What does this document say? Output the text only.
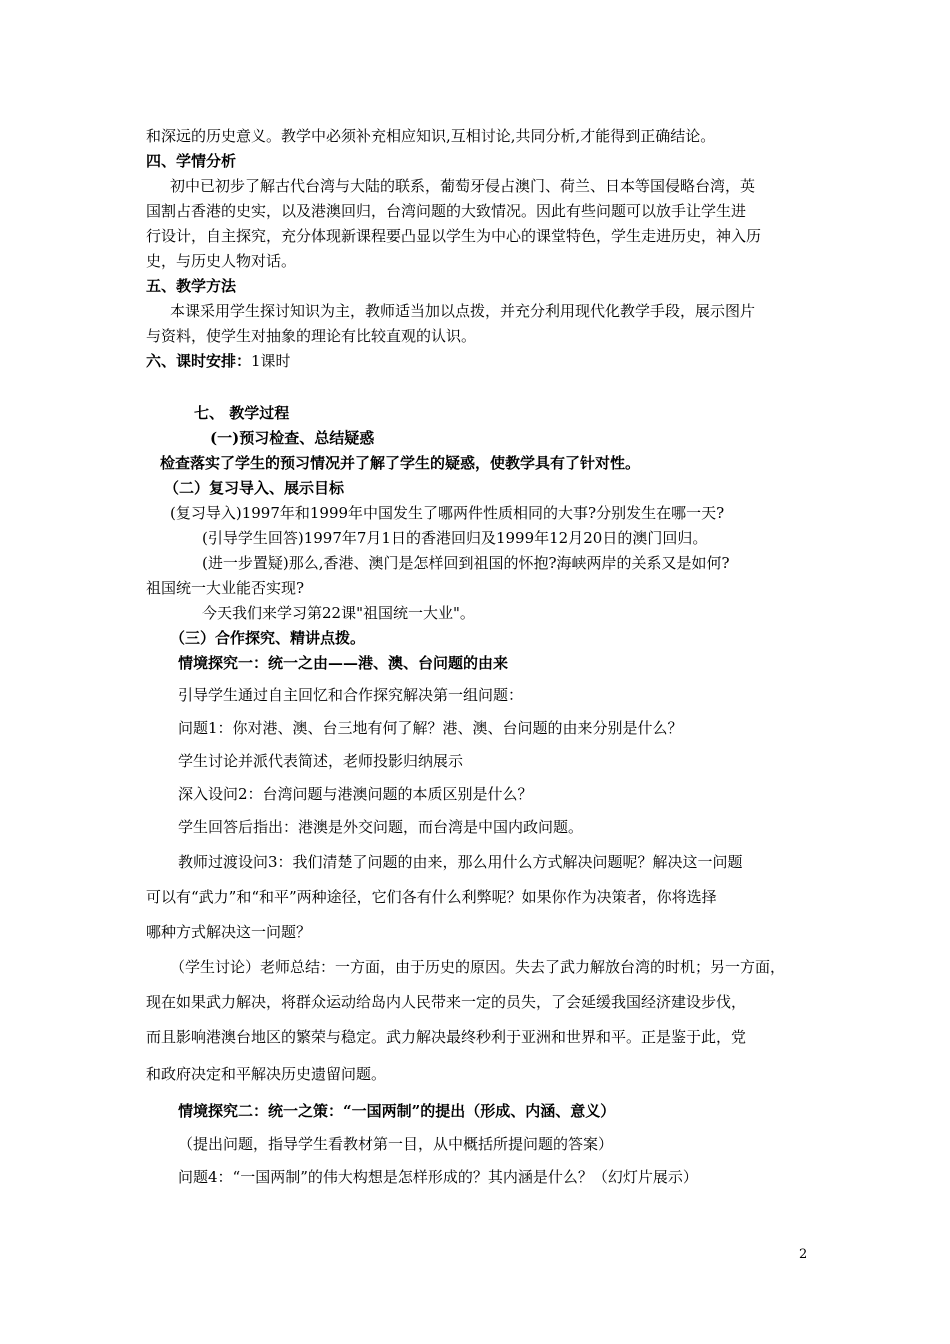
和深远的历史意义。教学中必须补充相应知识,互相讨论,共同分析,才能得到正确结论。
四、学情分析
初中已初步了解古代台湾与大陆的联系，葡萄牙侵占澳门、荷兰、日本等国侵略台湾，英
国割占香港的史实，以及港澳回归，台湾问题的大致情况。因此有些问题可以放手让学生进
行设计，自主探究，充分体现新课程要凸显以学生为中心的课堂特色，学生走进历史，神入历
史，与历史人物对话。
五、教学方法
本课采用学生探讨知识为主，教师适当加以点拨，并充分利用现代化教学手段，展示图片
与资料，使学生对抽象的理论有比较直观的认识。
六、课时安排：1课时
七、 教学过程
(一)预习检查、总结疑惑
检查落实了学生的预习情况并了解了学生的疑惑，使教学具有了针对性。
（二）复习导入、展示目标
(复习导入)1997年和1999年中国发生了哪两件性质相同的大事?分别发生在哪一天?
(引导学生回答)1997年7月1日的香港回归及1999年12月20日的澳门回归。
(进一步置疑)那么,香港、澳门是怎样回到祖国的怀抱?海峡两岸的关系又是如何?
祖国统一大业能否实现?
今天我们来学习第22课"祖国统一大业"。
（三）合作探究、精讲点拨。
情境探究一：统一之由——港、澳、台问题的由来
引导学生通过自主回忆和合作探究解决第一组问题：
问题1：你对港、澳、台三地有何了解？港、澳、台问题的由来分别是什么？
学生讨论并派代表简述，老师投影归纳展示
深入设问2：台湾问题与港澳问题的本质区别是什么？
学生回答后指出：港澳是外交问题，而台湾是中国内政问题。
教师过渡设问3：我们清楚了问题的由来，那么用什么方式解决问题呢？解决这一问题
可以有“武力”和“和平”两种途径，它们各有什么利弊呢？如果你作为决策者，你将选择
哪种方式解决这一问题？
（学生讨论）老师总结：一方面，由于历史的原因。失去了武力解放台湾的时机；另一方面，
现在如果武力解决，将群众运动给岛内人民带来一定的员失，了会延缓我国经济建设步伐，
而且影响港澳台地区的繁荣与稳定。武力解决最终秒利于亚洲和世界和平。正是鉴于此，党
和政府决定和平解决历史遗留问题。
情境探究二：统一之策：“一国两制”的提出（形成、内涵、意义）
（提出问题，指导学生看教材第一目，从中概括所提问题的答案）
问题4：“一国两制”的伟大构想是怎样形成的？其内涵是什么？（幻灯片展示）
2
